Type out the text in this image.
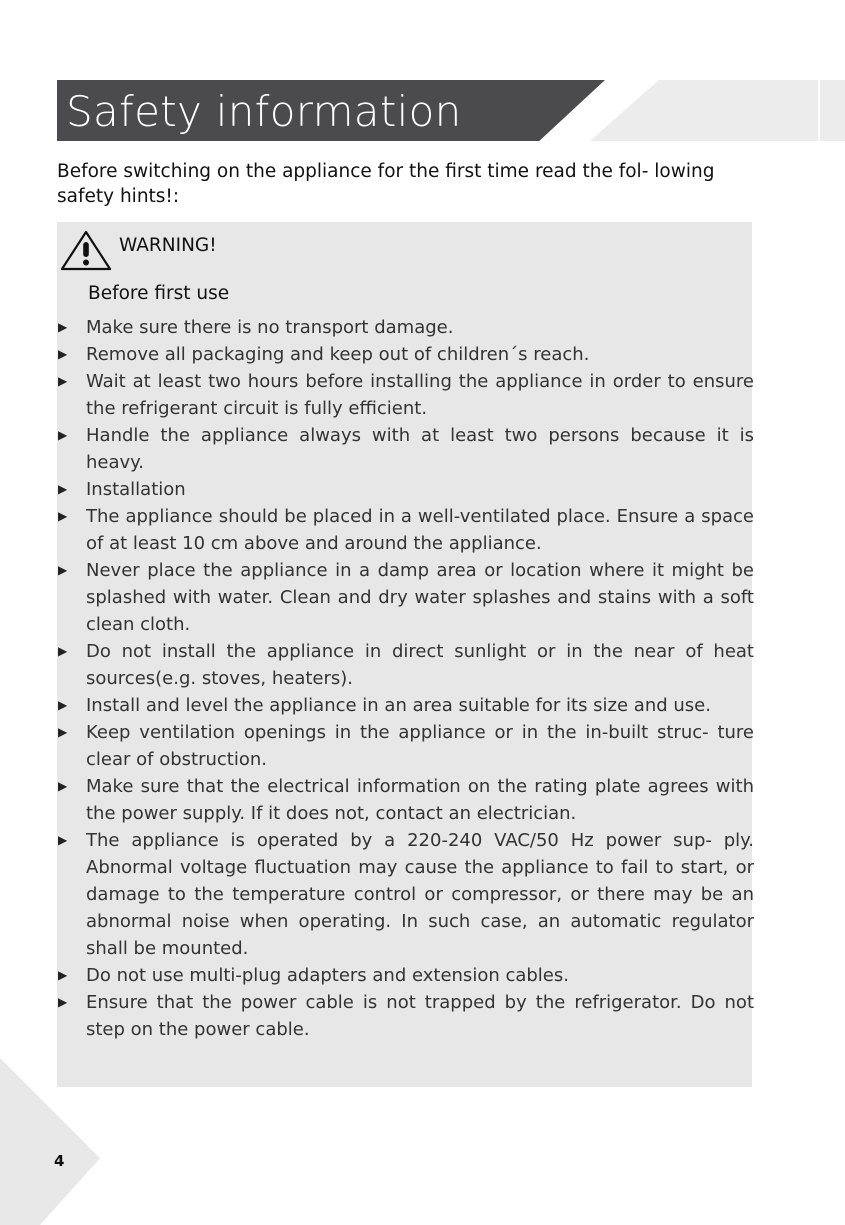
Safety information
Before switching on the appliance for the first time read the fol- lowing safety hints!:
WARNING!
Before first use
▶ Make sure there is no transport damage.
▶ Remove all packaging and keep out of children´s reach.
▶ Wait at least two hours before installing the appliance in order to ensure the refrigerant circuit is fully efficient.
▶ Handle the appliance always with at least two persons because it is heavy.
▶ Installation
▶ The appliance should be placed in a well-ventilated place. Ensure a space of at least 10 cm above and around the appliance.
▶ Never place the appliance in a damp area or location where it might be splashed with water. Clean and dry water splashes and stains with a soft clean cloth.
▶ Do not install the appliance in direct sunlight or in the near of heat sources(e.g. stoves, heaters).
▶ Install and level the appliance in an area suitable for its size and use.
▶ Keep ventilation openings in the appliance or in the in-built struc- ture clear of obstruction.
▶ Make sure that the electrical information on the rating plate agrees with the power supply. If it does not, contact an electrician.
▶ The appliance is operated by a 220-240 VAC/50 Hz power sup- ply. Abnormal voltage fluctuation may cause the appliance to fail to start, or damage to the temperature control or compressor, or there may be an abnormal noise when operating. In such case, an automatic regulator shall be mounted.
▶ Do not use multi-plug adapters and extension cables.
▶ Ensure that the power cable is not trapped by the refrigerator. Do not step on the power cable.
4
